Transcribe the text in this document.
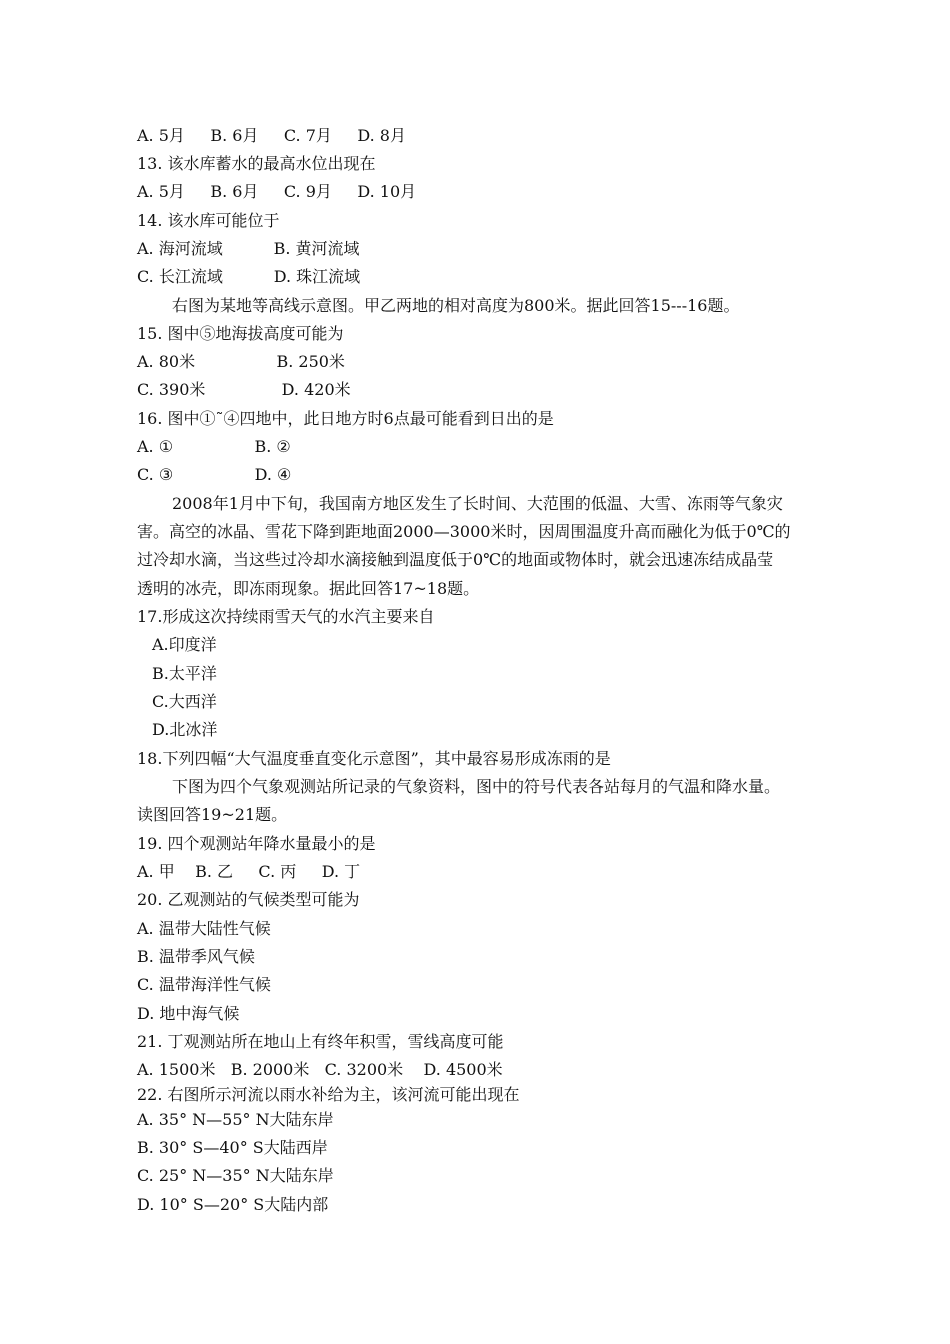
A. 5月     B. 6月     C. 7月     D. 8月
13. 该水库蓄水的最高水位出现在
A. 5月     B. 6月     C. 9月     D. 10月
14. 该水库可能位于
A. 海河流域          B. 黄河流域
C. 长江流域          D. 珠江流域
右图为某地等高线示意图。甲乙两地的相对高度为800米。据此回答15---16题。
15. 图中⑤地海拔高度可能为
A. 80米                B. 250米
C. 390米               D. 420米
16. 图中①˜④四地中，此日地方时6点最可能看到日出的是
A. ①                B. ②
C. ③                D. ④
2008年1月中下旬，我国南方地区发生了长时间、大范围的低温、大雪、冻雨等气象灾
害。高空的冰晶、雪花下降到距地面2000—3000米时，因周围温度升高而融化为低于0℃的
过冷却水滴，当这些过冷却水滴接触到温度低于0℃的地面或物体时，就会迅速冻结成晶莹
透明的冰壳，即冻雨现象。据此回答17~18题。
17.形成这次持续雨雪天气的水汽主要来自
A.印度洋
B.太平洋
C.大西洋
D.北冰洋
18.下列四幅“大气温度垂直变化示意图”，其中最容易形成冻雨的是
下图为四个气象观测站所记录的气象资料，图中的符号代表各站每月的气温和降水量。
读图回答19~21题。
19. 四个观测站年降水量最小的是
A. 甲    B. 乙     C. 丙     D. 丁
20. 乙观测站的气候类型可能为
A. 温带大陆性气候
B. 温带季风气候
C. 温带海洋性气候
D. 地中海气候
21. 丁观测站所在地山上有终年积雪，雪线高度可能
A. 1500米   B. 2000米   C. 3200米    D. 4500米
22. 右图所示河流以雨水补给为主，该河流可能出现在
A. 35° N—55° N大陆东岸
B. 30° S—40° S大陆西岸
C. 25° N—35° N大陆东岸
D. 10° S—20° S大陆内部
